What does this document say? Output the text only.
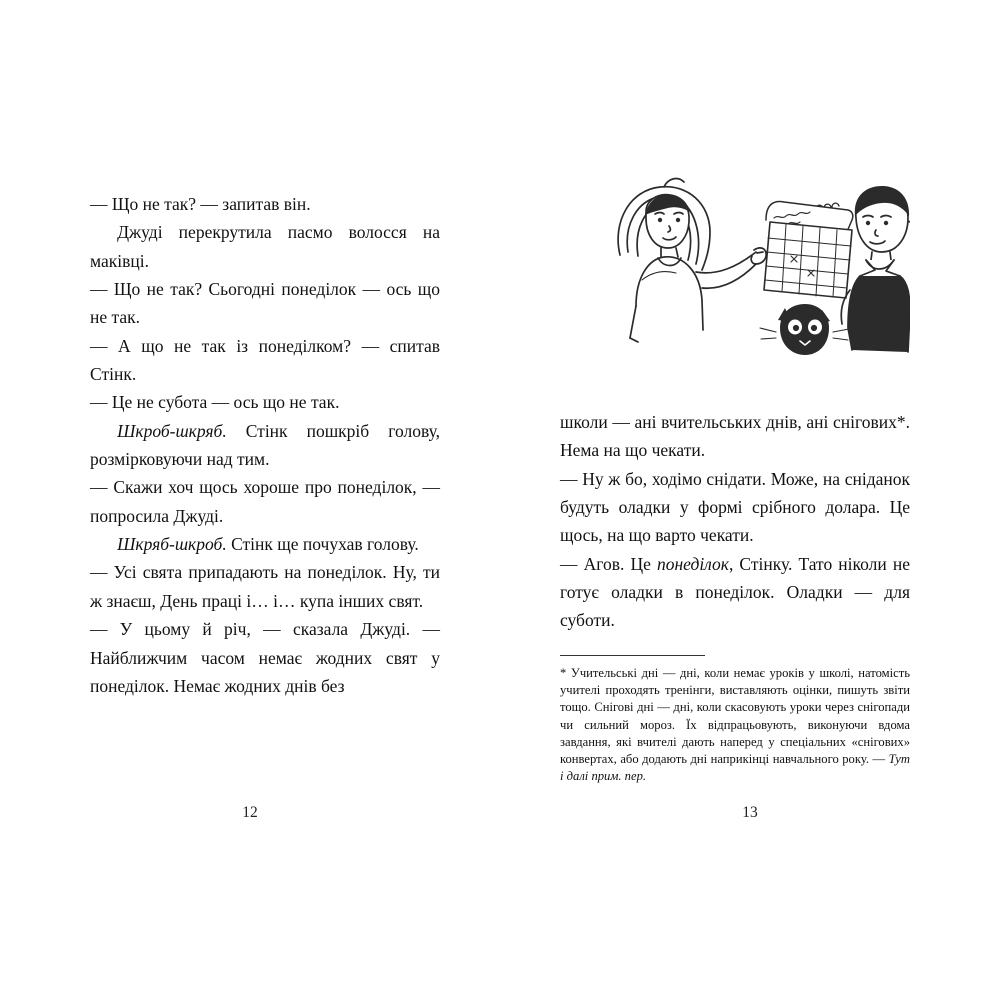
— Що не так? — запитав він.

Джуді перекрутила пасмо волосся на маківці.

— Що не так? Сьогодні понеділок — ось що не так.

— А що не так із понеділком? — спитав Стінк.

— Це не субота — ось що не так.

Шкроб-шкряб. Стінк пошкріб голову, розмірковуючи над тим.

— Скажи хоч щось хороше про понеділок, — попросила Джуді.

Шкряб-шкроб. Стінк ще почухав голову.

— Усі свята припадають на понеділок. Ну, ти ж знаєш, День праці і… і… купа інших свят.

— У цьому й річ, — сказала Джуді. — Найближчим часом немає жодних свят у понеділок. Немає жодних днів без

12

школи — ані вчительських днів, ані снігових*. Нема на що чекати.

— Ну ж бо, ходімо снідати. Може, на сніданок будуть оладки у формі срібного долара. Це щось, на що варто чекати.

— Агов. Це понеділок, Стінку. Тато ніколи не готує оладки в понеділок. Оладки — для суботи.

* Учительські дні — дні, коли немає уроків у школі, натомість учителі проходять тренінги, виставляють оцінки, пишуть звіти тощо. Снігові дні — дні, коли скасовують уроки через снігопади чи сильний мороз. Їх відпрацьовують, виконуючи вдома завдання, які вчителі дають наперед у спеціальних «снігових» конвертах, або додають дні наприкінці навчального року. — Тут і далі прим. пер.

13
